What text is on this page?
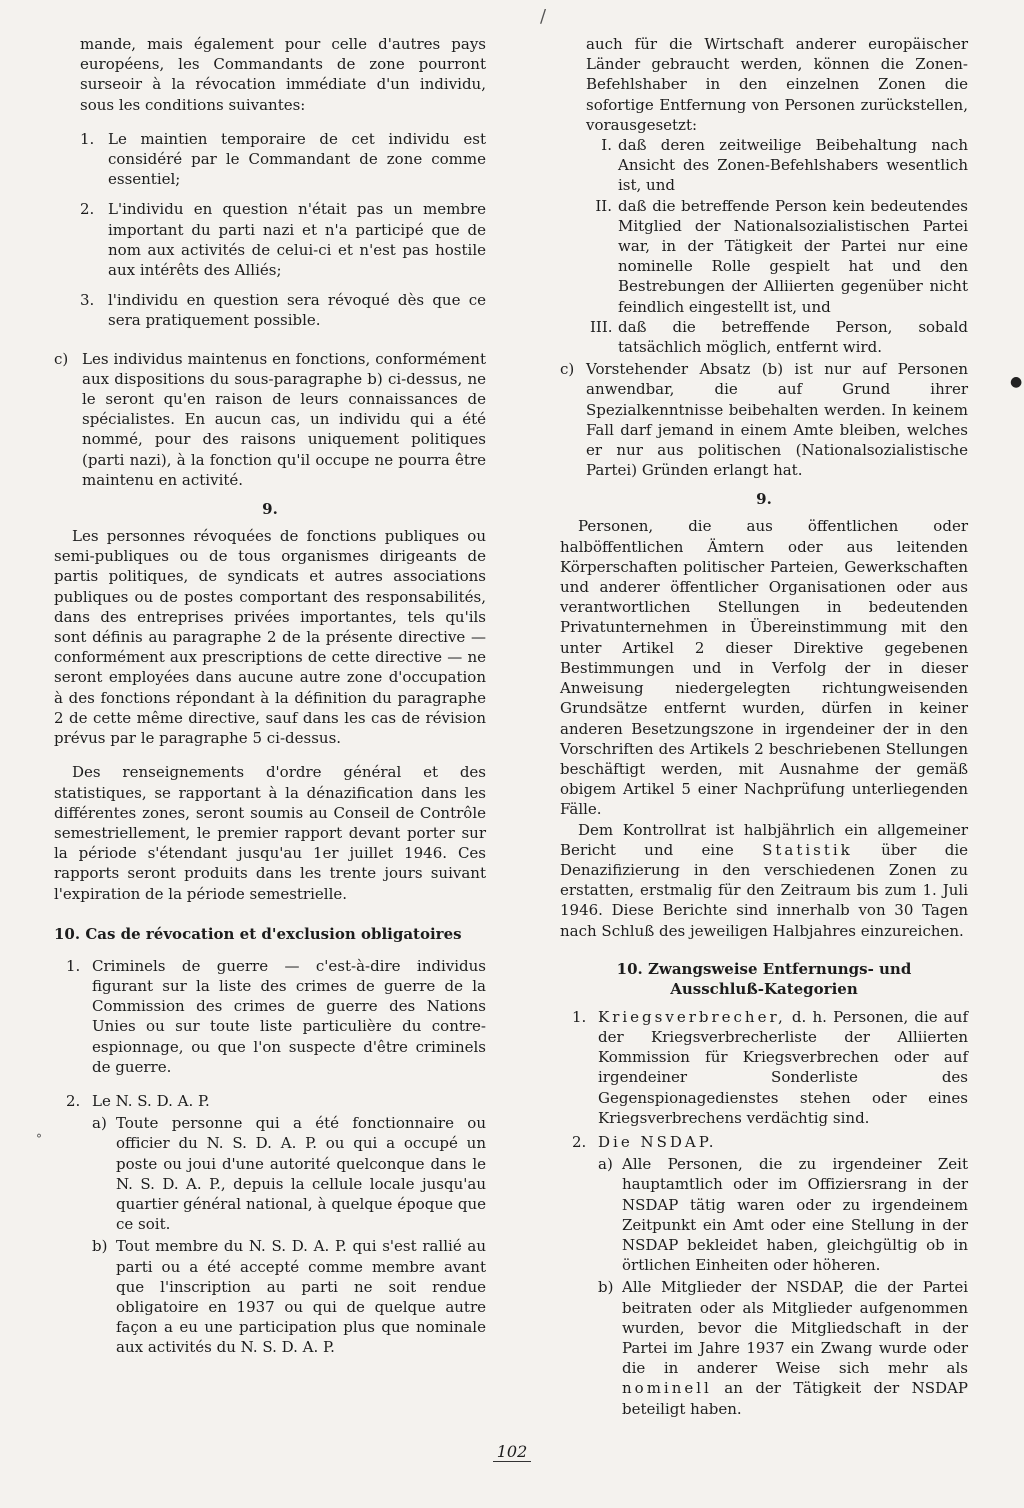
mande, mais également pour celle d'autres pays européens, les Commandants de zone pourront surseoir à la révocation immédiate d'un individu, sous les conditions suivantes:

1. Le maintien temporaire de cet individu est considéré par le Commandant de zone comme essentiel;
2. L'individu en question n'était pas un membre important du parti nazi et n'a participé que de nom aux activités de celui-ci et n'est pas hostile aux intérêts des Alliés;
3. l'individu en question sera révoqué dès que ce sera pratiquement possible.
c) Les individus maintenus en fonctions, conformément aux dispositions du sous-paragraphe b) ci-dessus, ne le seront qu'en raison de leurs connaissances de spécialistes. En aucun cas, un individu qui a été nommé, pour des raisons uniquement politiques (parti nazi), à la fonction qu'il occupe ne pourra être maintenu en activité.

9.

Les personnes révoquées de fonctions publiques ou semi-publiques ou de tous organismes dirigeants de partis politiques, de syndicats et autres associations publiques ou de postes comportant des responsabilités, dans des entreprises privées importantes, tels qu'ils sont définis au paragraphe 2 de la présente directive — conformément aux prescriptions de cette directive — ne seront employées dans aucune autre zone d'occupation à des fonctions répondant à la définition du paragraphe 2 de cette même directive, sauf dans les cas de révision prévus par le paragraphe 5 ci-dessus.

Des renseignements d'ordre général et des statistiques, se rapportant à la dénazification dans les différentes zones, seront soumis au Conseil de Contrôle semestriellement, le premier rapport devant porter sur la période s'étendant jusqu'au 1er juillet 1946. Ces rapports seront produits dans les trente jours suivant l'expiration de la période semestrielle.

10. Cas de révocation et d'exclusion obligatoires

1. Criminels de guerre — c'est-à-dire individus figurant sur la liste des crimes de guerre de la Commission des crimes de guerre des Nations Unies ou sur toute liste particulière du contre-espionnage, ou que l'on suspecte d'être criminels de guerre.
2. Le N. S. D. A. P.
a) Toute personne qui a été fonctionnaire ou officier du N. S. D. A. P. ou qui a occupé un poste ou joui d'une autorité quelconque dans le N. S. D. A. P., depuis la cellule locale jusqu'au quartier général national, à quelque époque que ce soit.
b) Tout membre du N. S. D. A. P. qui s'est rallié au parti ou a été accepté comme membre avant que l'inscription au parti ne soit rendue obligatoire en 1937 ou qui de quelque autre façon a eu une participation plus que nominale aux activités du N. S. D. A. P.

auch für die Wirtschaft anderer europäischer Länder gebraucht werden, können die Zonen-Befehlshaber in den einzelnen Zonen die sofortige Entfernung von Personen zurückstellen, vorausgesetzt:

I. daß deren zeitweilige Beibehaltung nach Ansicht des Zonen-Befehlshabers wesentlich ist, und
II. daß die betreffende Person kein bedeutendes Mitglied der Nationalsozialistischen Partei war, in der Tätigkeit der Partei nur eine nominelle Rolle gespielt hat und den Bestrebungen der Alliierten gegenüber nicht feindlich eingestellt ist, und
III. daß die betreffende Person, sobald tatsächlich möglich, entfernt wird.
c) Vorstehender Absatz (b) ist nur auf Personen anwendbar, die auf Grund ihrer Spezialkenntnisse beibehalten werden. In keinem Fall darf jemand in einem Amte bleiben, welches er nur aus politischen (Nationalsozialistische Partei) Gründen erlangt hat.

9.

Personen, die aus öffentlichen oder halböffentlichen Ämtern oder aus leitenden Körperschaften politischer Parteien, Gewerkschaften und anderer öffentlicher Organisationen oder aus verantwortlichen Stellungen in bedeutenden Privatunternehmen in Übereinstimmung mit den unter Artikel 2 dieser Direktive gegebenen Bestimmungen und in Verfolg der in dieser Anweisung niedergelegten richtungweisenden Grundsätze entfernt wurden, dürfen in keiner anderen Besetzungszone in irgendeiner der in den Vorschriften des Artikels 2 beschriebenen Stellungen beschäftigt werden, mit Ausnahme der gemäß obigem Artikel 5 einer Nachprüfung unterliegenden Fälle.

Dem Kontrollrat ist halbjährlich ein allgemeiner Bericht und eine Statistik über die Denazifizierung in den verschiedenen Zonen zu erstatten, erstmalig für den Zeitraum bis zum 1. Juli 1946. Diese Berichte sind innerhalb von 30 Tagen nach Schluß des jeweiligen Halbjahres einzureichen.

10. Zwangsweise Entfernungs- und Ausschluß-Kategorien

1. Kriegsverbrecher, d. h. Personen, die auf der Kriegsverbrecherliste der Alliierten Kommission für Kriegsverbrechen oder auf irgendeiner Sonderliste des Gegenspionagedienstes stehen oder eines Kriegsverbrechens verdächtig sind.
2. Die NSDAP.
a) Alle Personen, die zu irgendeiner Zeit hauptamtlich oder im Offiziersrang in der NSDAP tätig waren oder zu irgendeinem Zeitpunkt ein Amt oder eine Stellung in der NSDAP bekleidet haben, gleichgültig ob in örtlichen Einheiten oder höheren.
b) Alle Mitglieder der NSDAP, die der Partei beitraten oder als Mitglieder aufgenommen wurden, bevor die Mitgliedschaft in der Partei im Jahre 1937 ein Zwang wurde oder die in anderer Weise sich mehr als nominell an der Tätigkeit der NSDAP beteiligt haben.
/
●
°
102
